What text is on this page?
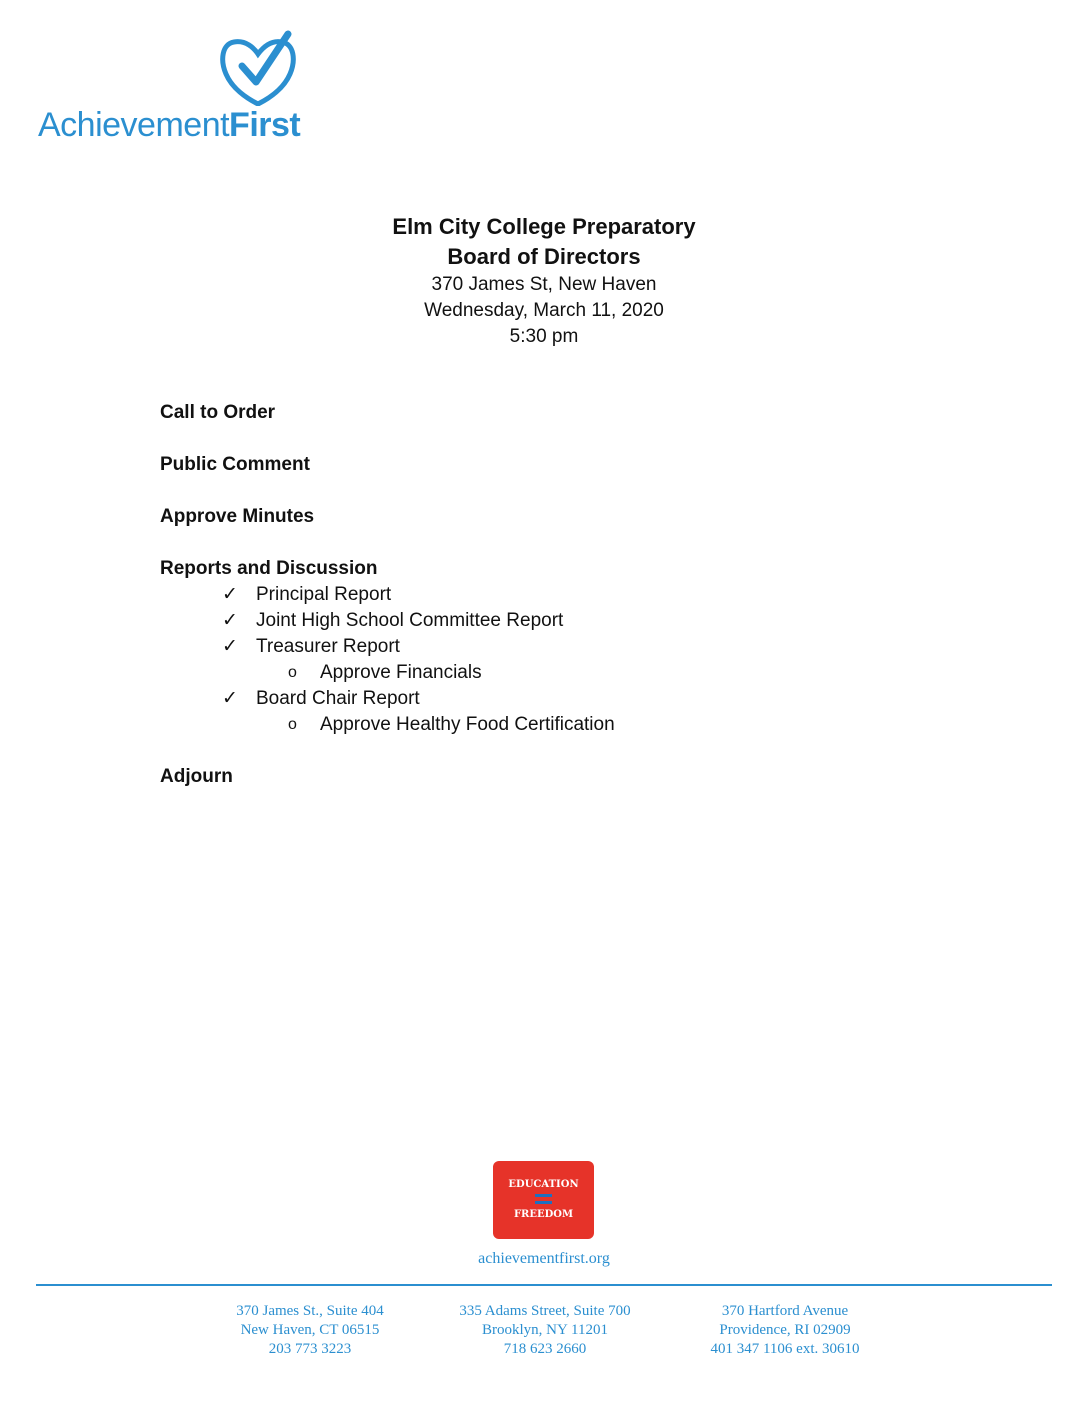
AchievementFirst
Elm City College Preparatory
Board of Directors
370 James St, New Haven
Wednesday, March 11, 2020
5:30 pm
Call to Order
Public Comment
Approve Minutes
Reports and Discussion
✓ Principal Report
✓ Joint High School Committee Report
✓ Treasurer Report
o Approve Financials
✓ Board Chair Report
o Approve Healthy Food Certification
Adjourn
EDUCATION
FREEDOM
achievementfirst.org
370 James St., Suite 404
New Haven, CT 06515
203 773 3223
335 Adams Street, Suite 700
Brooklyn, NY 11201
718 623 2660
370 Hartford Avenue
Providence, RI 02909
401 347 1106 ext. 30610
